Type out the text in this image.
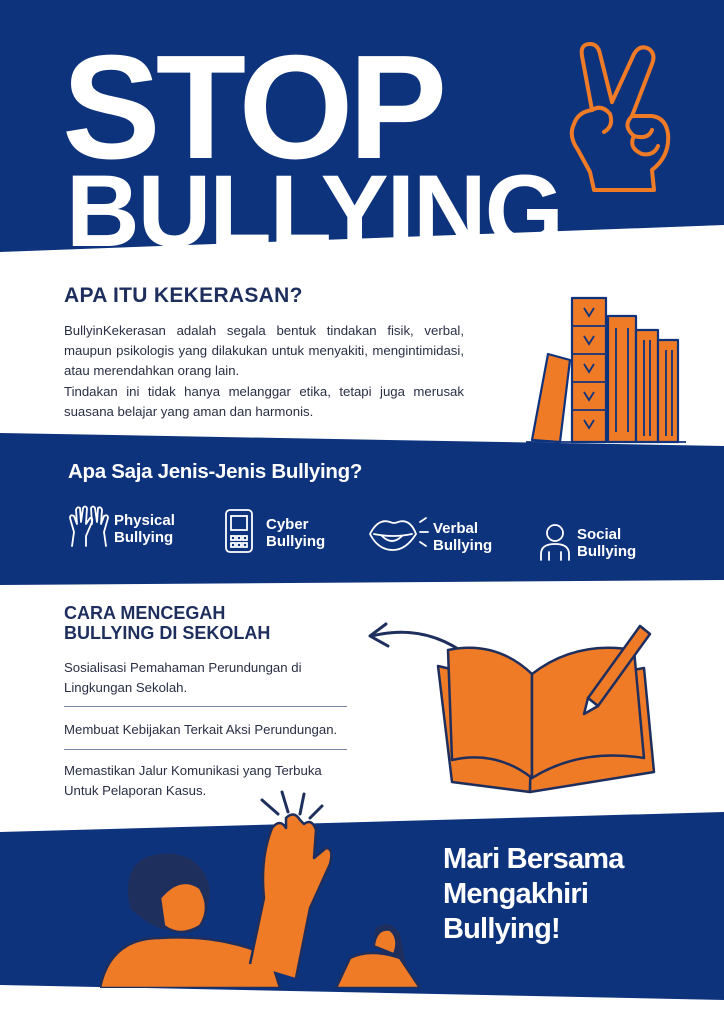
STOP
BULLYING
APA ITU KEKERASAN?

BullyinKekerasan adalah segala bentuk tindakan fisik, verbal, maupun psikologis yang dilakukan untuk menyakiti, mengintimidasi, atau merendahkan orang lain.

Tindakan ini tidak hanya melanggar etika, tetapi juga merusak suasana belajar yang aman dan harmonis.

Apa Saja Jenis-Jenis Bullying?
Physical
Bullying
Cyber
Bullying
Verbal
Bullying
Social
Bullying
CARA MENCEGAH
BULLYING DI SEKOLAH
Sosialisasi Pemahaman Perundungan di Lingkungan Sekolah.
Membuat Kebijakan Terkait Aksi Perundungan.
Memastikan Jalur Komunikasi yang Terbuka Untuk Pelaporan Kasus.
Mari Bersama
Mengakhiri
Bullying!
